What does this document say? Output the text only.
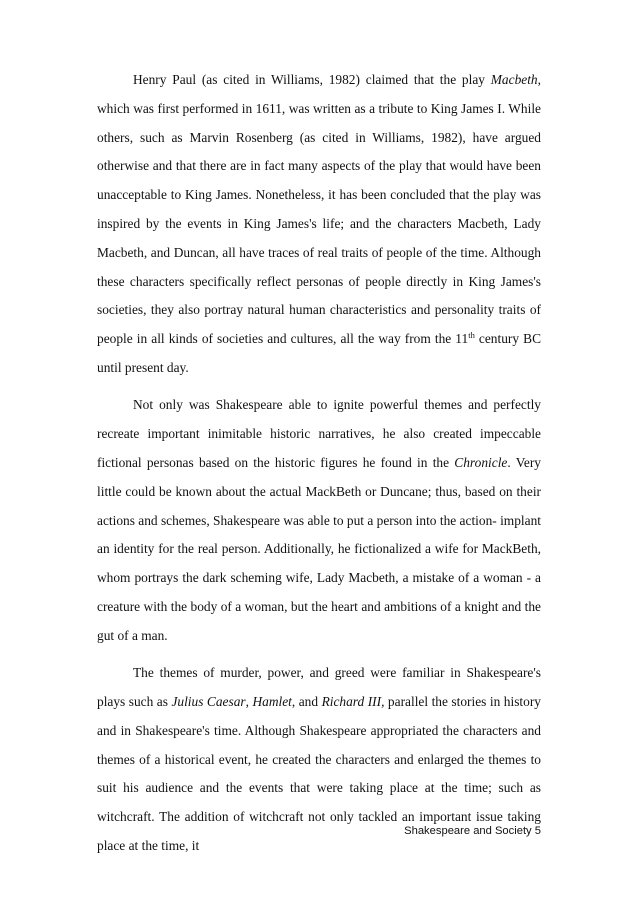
Henry Paul (as cited in Williams, 1982) claimed that the play Macbeth, which was first performed in 1611, was written as a tribute to King James I. While others, such as Marvin Rosenberg (as cited in Williams, 1982), have argued otherwise and that there are in fact many aspects of the play that would have been unacceptable to King James. Nonetheless, it has been concluded that the play was inspired by the events in King James's life; and the characters Macbeth, Lady Macbeth, and Duncan, all have traces of real traits of people of the time. Although these characters specifically reflect personas of people directly in King James's societies, they also portray natural human characteristics and personality traits of people in all kinds of societies and cultures, all the way from the 11th century BC until present day.

Not only was Shakespeare able to ignite powerful themes and perfectly recreate important inimitable historic narratives, he also created impeccable fictional personas based on the historic figures he found in the Chronicle. Very little could be known about the actual MackBeth or Duncane; thus, based on their actions and schemes, Shakespeare was able to put a person into the action- implant an identity for the real person. Additionally, he fictionalized a wife for MackBeth, whom portrays the dark scheming wife, Lady Macbeth, a mistake of a woman - a creature with the body of a woman, but the heart and ambitions of a knight and the gut of a man.

The themes of murder, power, and greed were familiar in Shakespeare's plays such as Julius Caesar, Hamlet, and Richard III, parallel the stories in history and in Shakespeare's time. Although Shakespeare appropriated the characters and themes of a historical event, he created the characters and enlarged the themes to suit his audience and the events that were taking place at the time; such as witchcraft. The addition of witchcraft not only tackled an important issue taking place at the time, it

Shakespeare and Society 5
